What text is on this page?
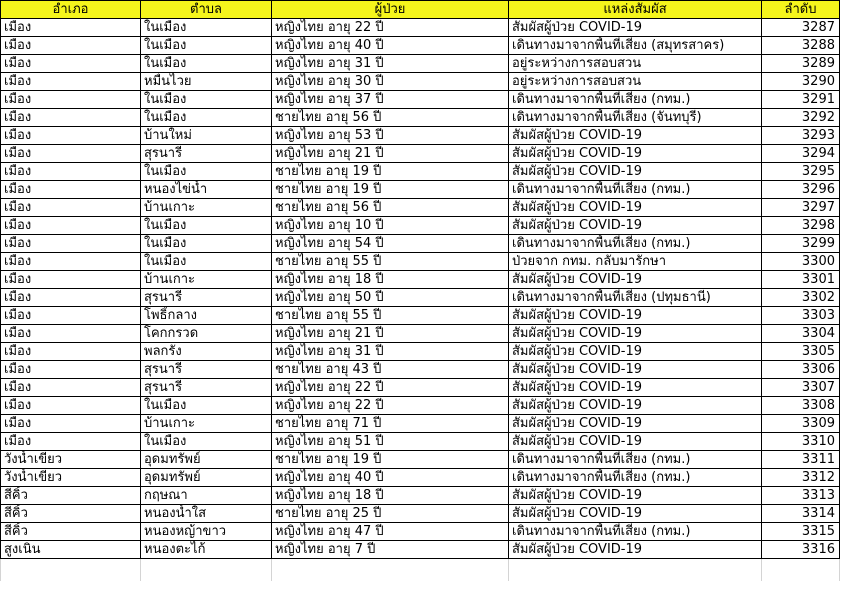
อำเภอ	ตำบล	ผู้ป่วย	แหล่งสัมผัส	ลำดับ
เมือง	ในเมือง	หญิงไทย อายุ 22 ปี	สัมผัสผู้ป่วย COVID-19	3287
เมือง	ในเมือง	หญิงไทย อายุ 40 ปี	เดินทางมาจากพื้นที่เสี่ยง (สมุทรสาคร)	3288
เมือง	ในเมือง	หญิงไทย อายุ 31 ปี	อยู่ระหว่างการสอบสวน	3289
เมือง	หมื่นไวย	หญิงไทย อายุ 30 ปี	อยู่ระหว่างการสอบสวน	3290
เมือง	ในเมือง	หญิงไทย อายุ 37 ปี	เดินทางมาจากพื้นที่เสี่ยง (กทม.)	3291
เมือง	ในเมือง	ชายไทย อายุ 56 ปี	เดินทางมาจากพื้นที่เสี่ยง (จันทบุรี)	3292
เมือง	บ้านใหม่	หญิงไทย อายุ 53 ปี	สัมผัสผู้ป่วย COVID-19	3293
เมือง	สุรนารี	หญิงไทย อายุ 21 ปี	สัมผัสผู้ป่วย COVID-19	3294
เมือง	ในเมือง	ชายไทย อายุ 19 ปี	สัมผัสผู้ป่วย COVID-19	3295
เมือง	หนองไข่น้ำ	ชายไทย อายุ 19 ปี	เดินทางมาจากพื้นที่เสี่ยง (กทม.)	3296
เมือง	บ้านเกาะ	ชายไทย อายุ 56 ปี	สัมผัสผู้ป่วย COVID-19	3297
เมือง	ในเมือง	หญิงไทย อายุ 10 ปี	สัมผัสผู้ป่วย COVID-19	3298
เมือง	ในเมือง	หญิงไทย อายุ 54 ปี	เดินทางมาจากพื้นที่เสี่ยง (กทม.)	3299
เมือง	ในเมือง	ชายไทย อายุ 55 ปี	ป่วยจาก กทม. กลับมารักษา	3300
เมือง	บ้านเกาะ	หญิงไทย อายุ 18 ปี	สัมผัสผู้ป่วย COVID-19	3301
เมือง	สุรนารี	หญิงไทย อายุ 50 ปี	เดินทางมาจากพื้นที่เสี่ยง (ปทุมธานี)	3302
เมือง	โพธิ์กลาง	ชายไทย อายุ 55 ปี	สัมผัสผู้ป่วย COVID-19	3303
เมือง	โคกกรวด	หญิงไทย อายุ 21 ปี	สัมผัสผู้ป่วย COVID-19	3304
เมือง	พลกรัง	หญิงไทย อายุ 31 ปี	สัมผัสผู้ป่วย COVID-19	3305
เมือง	สุรนารี	ชายไทย อายุ 43 ปี	สัมผัสผู้ป่วย COVID-19	3306
เมือง	สุรนารี	หญิงไทย อายุ 22 ปี	สัมผัสผู้ป่วย COVID-19	3307
เมือง	ในเมือง	หญิงไทย อายุ 22 ปี	สัมผัสผู้ป่วย COVID-19	3308
เมือง	บ้านเกาะ	ชายไทย อายุ 71 ปี	สัมผัสผู้ป่วย COVID-19	3309
เมือง	ในเมือง	หญิงไทย อายุ 51 ปี	สัมผัสผู้ป่วย COVID-19	3310
วังน้ำเขียว	อุดมทรัพย์	ชายไทย อายุ 19 ปี	เดินทางมาจากพื้นที่เสี่ยง (กทม.)	3311
วังน้ำเขียว	อุดมทรัพย์	หญิงไทย อายุ 40 ปี	เดินทางมาจากพื้นที่เสี่ยง (กทม.)	3312
สีคิ้ว	กฤษณา	หญิงไทย อายุ 18 ปี	สัมผัสผู้ป่วย COVID-19	3313
สีคิ้ว	หนองน้ำใส	ชายไทย อายุ 25 ปี	สัมผัสผู้ป่วย COVID-19	3314
สีคิ้ว	หนองหญ้าขาว	หญิงไทย อายุ 47 ปี	เดินทางมาจากพื้นที่เสี่ยง (กทม.)	3315
สูงเนิน	หนองตะไก้	หญิงไทย อายุ 7 ปี	สัมผัสผู้ป่วย COVID-19	3316
